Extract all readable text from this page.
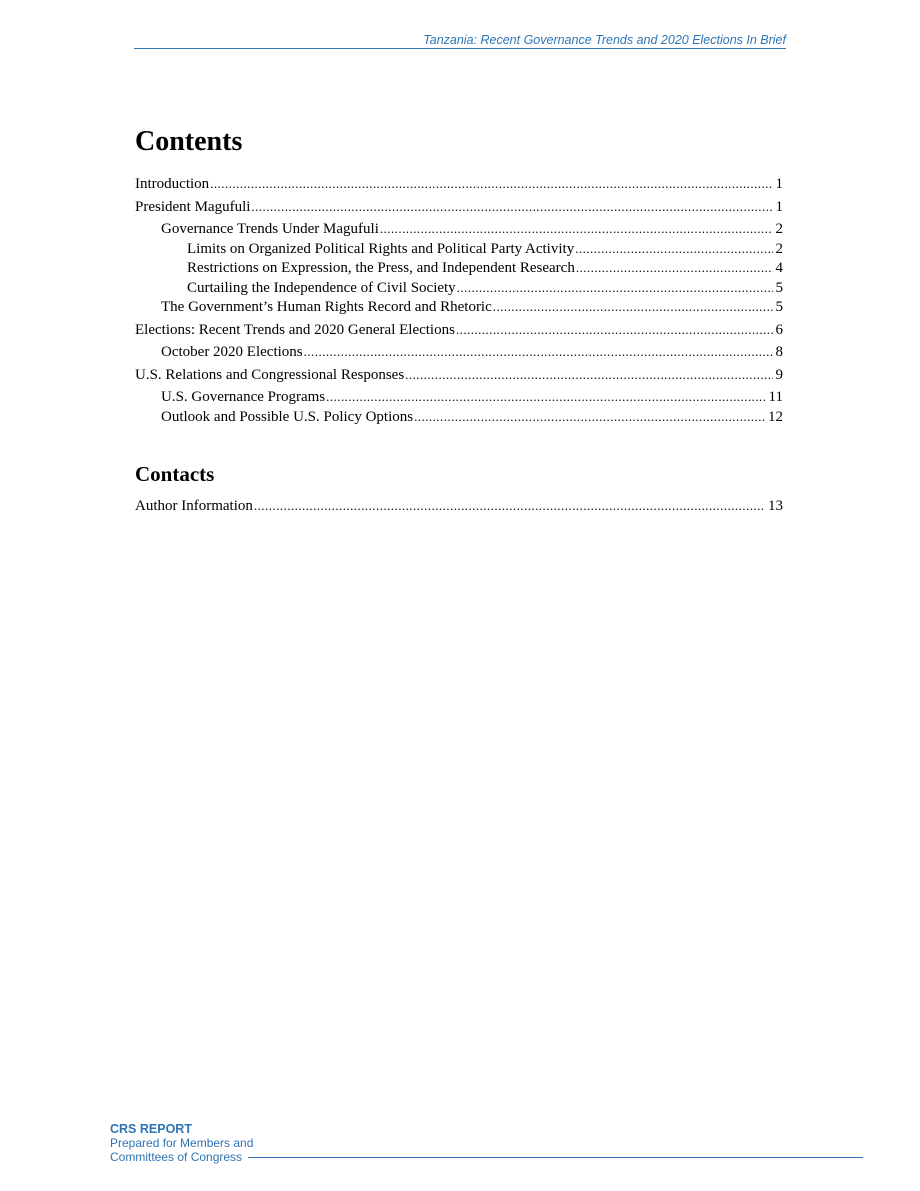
Tanzania: Recent Governance Trends and 2020 Elections In Brief
Contents
Introduction . . .	1
President Magufuli . . .	1
Governance Trends Under Magufuli . . .	2
Limits on Organized Political Rights and Political Party Activity . . .	2
Restrictions on Expression, the Press, and Independent Research . . .	4
Curtailing the Independence of Civil Society . . .	5
The Government’s Human Rights Record and Rhetoric . . .	5
Elections: Recent Trends and 2020 General Elections . . .	6
October 2020 Elections . . .	8
U.S. Relations and Congressional Responses . . .	9
U.S. Governance Programs . . .	11
Outlook and Possible U.S. Policy Options . . .	12
Contacts
Author Information . . .	13
CRS REPORT
Prepared for Members and
Committees of Congress
